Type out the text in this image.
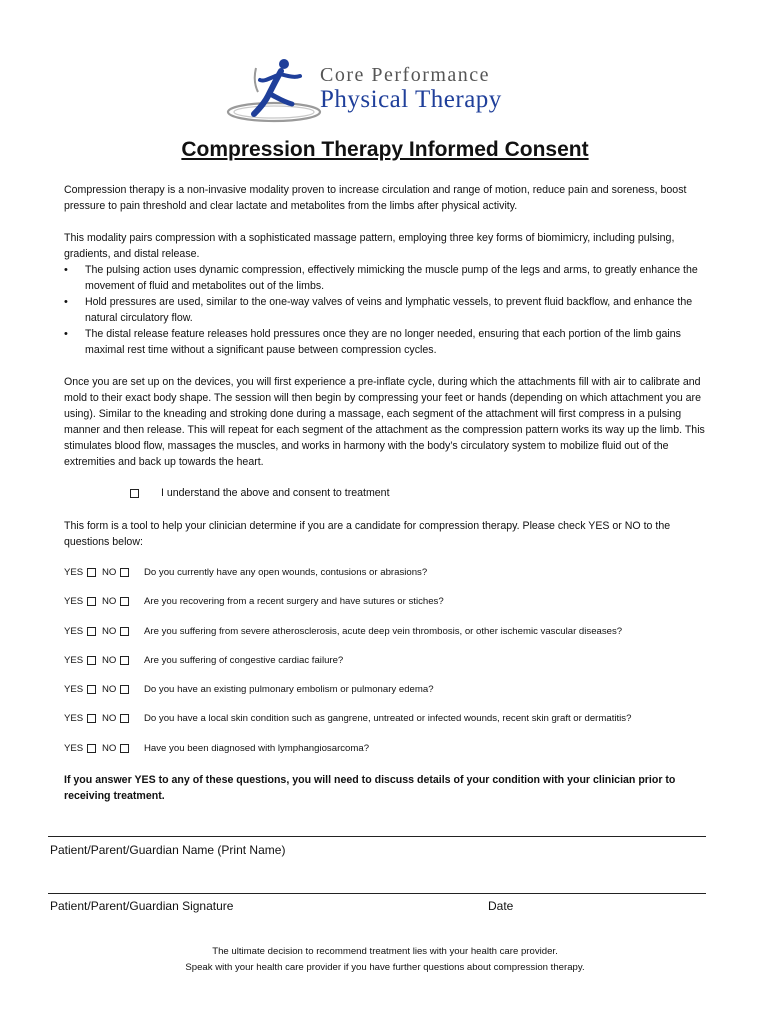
Core Performance
Physical Therapy
Compression Therapy Informed Consent
Compression therapy is a non-invasive modality proven to increase circulation and range of motion, reduce pain and soreness, boost pressure to pain threshold and clear lactate and metabolites from the limbs after physical activity.
This modality pairs compression with a sophisticated massage pattern, employing three key forms of biomimicry, including pulsing, gradients, and distal release.
• The pulsing action uses dynamic compression, effectively mimicking the muscle pump of the legs and arms, to greatly enhance the movement of fluid and metabolites out of the limbs.
• Hold pressures are used, similar to the one-way valves of veins and lymphatic vessels, to prevent fluid backflow, and enhance the natural circulatory flow.
• The distal release feature releases hold pressures once they are no longer needed, ensuring that each portion of the limb gains maximal rest time without a significant pause between compression cycles.
Once you are set up on the devices, you will first experience a pre-inflate cycle, during which the attachments fill with air to calibrate and mold to their exact body shape. The session will then begin by compressing your feet or hands (depending on which attachment you are using). Similar to the kneading and stroking done during a massage, each segment of the attachment will first compress in a pulsing manner and then release. This will repeat for each segment of the attachment as the compression pattern works its way up the limb. This stimulates blood flow, massages the muscles, and works in harmony with the body’s circulatory system to mobilize fluid out of the extremities and back up towards the heart.
I understand the above and consent to treatment
This form is a tool to help your clinician determine if you are a candidate for compression therapy. Please check YES or NO to the questions below:
YES NO	Do you currently have any open wounds, contusions or abrasions?
YES NO	Are you recovering from a recent surgery and have sutures or stiches?
YES NO	Are you suffering from severe atherosclerosis, acute deep vein thrombosis, or other ischemic vascular diseases?
YES NO	Are you suffering of congestive cardiac failure?
YES NO	Do you have an existing pulmonary embolism or pulmonary edema?
YES NO	Do you have a local skin condition such as gangrene, untreated or infected wounds, recent skin graft or dermatitis?
YES NO	Have you been diagnosed with lymphangiosarcoma?
If you answer YES to any of these questions, you will need to discuss details of your condition with your clinician prior to receiving treatment.
Patient/Parent/Guardian Name (Print Name)
Patient/Parent/Guardian Signature	Date
The ultimate decision to recommend treatment lies with your health care provider.
Speak with your health care provider if you have further questions about compression therapy.
